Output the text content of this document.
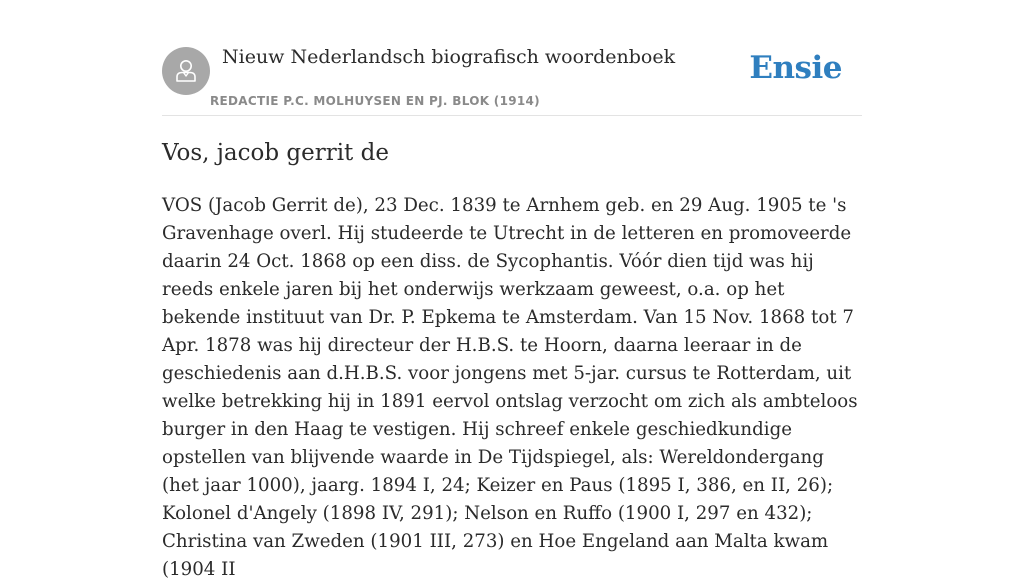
Nieuw Nederlandsch biografisch woordenboek
REDACTIE P.C. MOLHUYSEN EN PJ. BLOK (1914)
Ensie
Vos, jacob gerrit de

VOS (Jacob Gerrit de), 23 Dec. 1839 te Arnhem geb. en 29 Aug. 1905 te 's Gravenhage overl. Hij studeerde te Utrecht in de letteren en promoveerde daarin 24 Oct. 1868 op een diss. de Sycophantis. Vóór dien tijd was hij reeds enkele jaren bij het onderwijs werkzaam geweest, o.a. op het bekende instituut van Dr. P. Epkema te Amsterdam. Van 15 Nov. 1868 tot 7 Apr. 1878 was hij directeur der H.B.S. te Hoorn, daarna leeraar in de geschiedenis aan d.H.B.S. voor jongens met 5-jar. cursus te Rotterdam, uit welke betrekking hij in 1891 eervol ontslag verzocht om zich als ambteloos burger in den Haag te vestigen. Hij schreef enkele geschiedkundige opstellen van blijvende waarde in De Tijdspiegel, als: Wereldondergang (het jaar 1000), jaarg. 1894 I, 24; Keizer en Paus (1895 I, 386, en II, 26); Kolonel d'Angely (1898 IV, 291); Nelson en Ruffo (1900 I, 297 en 432); Christina van Zweden (1901 III, 273) en Hoe Engeland aan Malta kwam (1904 II
